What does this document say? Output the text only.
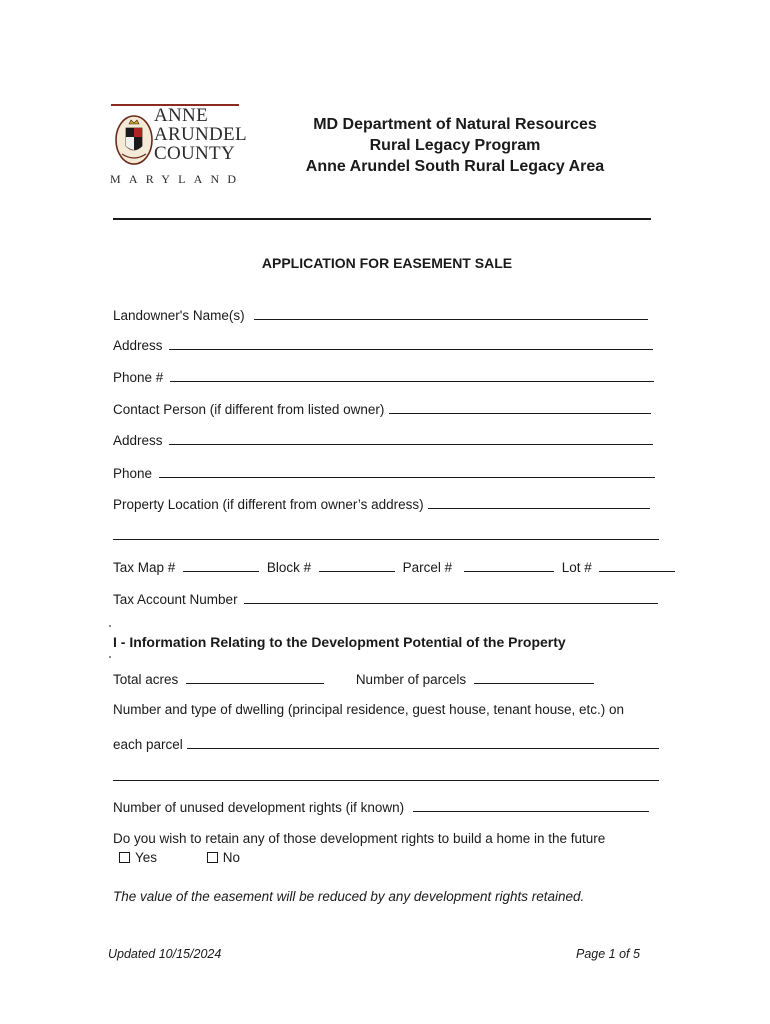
ANNE
ARUNDEL
COUNTY
MARYLAND
MD Department of Natural Resources
Rural Legacy Program
Anne Arundel South Rural Legacy Area
APPLICATION FOR EASEMENT SALE
Landowner's Name(s)
Address
Phone #
Contact Person (if different from listed owner)
Address
Phone
Property Location (if different from owner’s address)
Tax Map #	Block #	Parcel #	Lot #
Tax Account Number
I - Information Relating to the Development Potential of the Property
Total acres	Number of parcels
Number and type of dwelling (principal residence, guest house, tenant house, etc.) on
each parcel
Number of unused development rights (if known)
Do you wish to retain any of those development rights to build a home in the future
Yes	No
The value of the easement will be reduced by any development rights retained.
Updated 10/15/2024	Page 1 of 5
